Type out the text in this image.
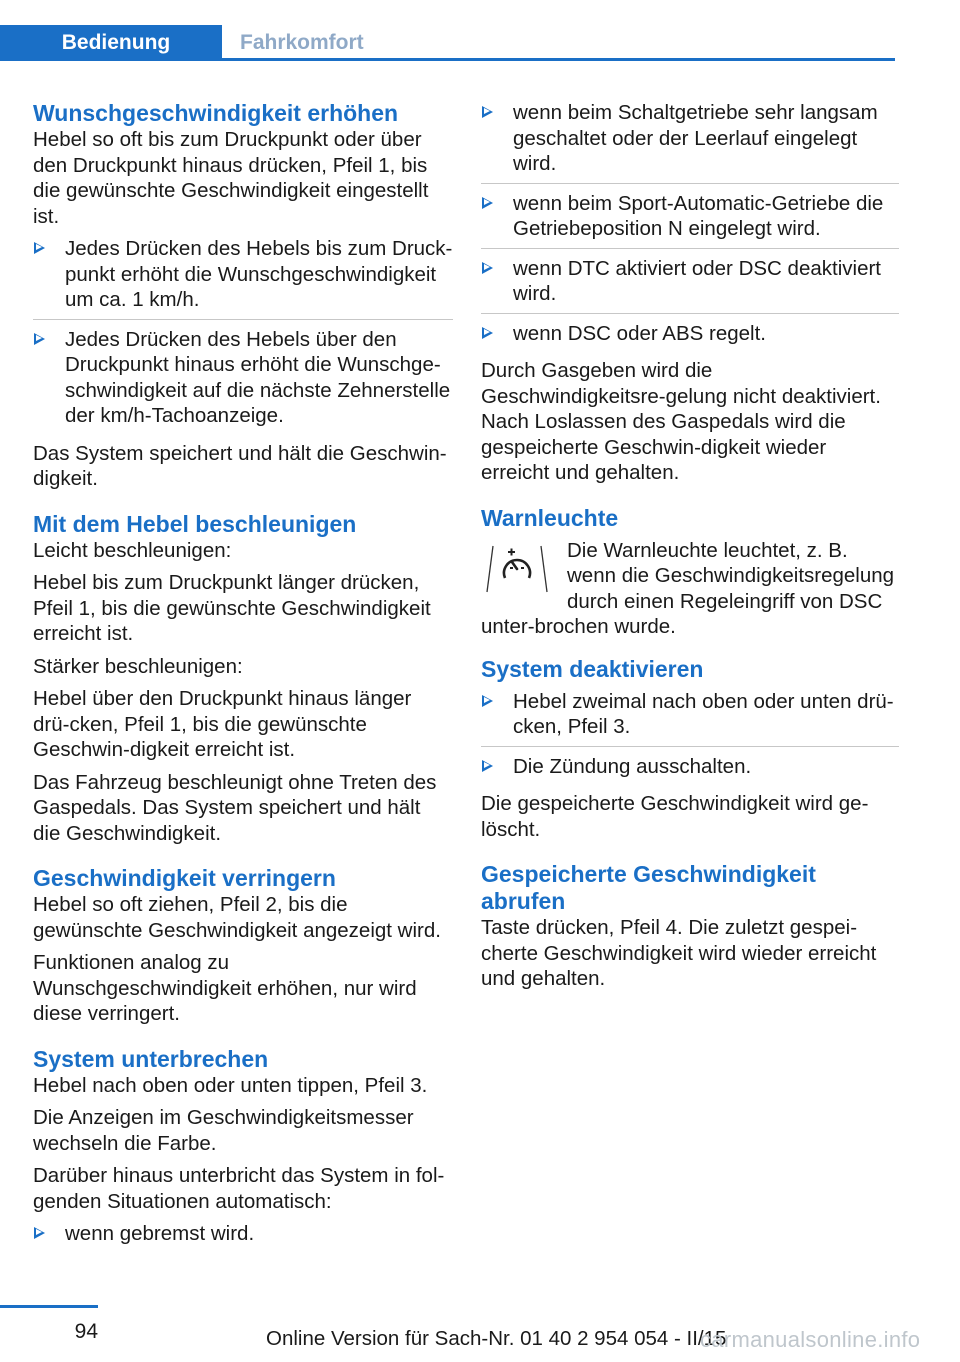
Bedienung	Fahrkomfort
Wunschgeschwindigkeit erhöhen

Hebel so oft bis zum Druckpunkt oder über den Druckpunkt hinaus drücken, Pfeil 1, bis die gewünschte Geschwindigkeit eingestellt ist.

Jedes Drücken des Hebels bis zum Druck-punkt erhöht die Wunschgeschwindigkeit um ca. 1 km/h.
Jedes Drücken des Hebels über den Druckpunkt hinaus erhöht die Wunschge-schwindigkeit auf die nächste Zehnerstelle der km/h-Tachoanzeige.

Das System speichert und hält die Geschwin-digkeit.

Mit dem Hebel beschleunigen

Leicht beschleunigen:

Hebel bis zum Druckpunkt länger drücken, Pfeil 1, bis die gewünschte Geschwindigkeit erreicht ist.

Stärker beschleunigen:

Hebel über den Druckpunkt hinaus länger drü-cken, Pfeil 1, bis die gewünschte Geschwin-digkeit erreicht ist.

Das Fahrzeug beschleunigt ohne Treten des Gaspedals. Das System speichert und hält die Geschwindigkeit.

Geschwindigkeit verringern

Hebel so oft ziehen, Pfeil 2, bis die gewünschte Geschwindigkeit angezeigt wird.

Funktionen analog zu Wunschgeschwindigkeit erhöhen, nur wird diese verringert.

System unterbrechen

Hebel nach oben oder unten tippen, Pfeil 3.

Die Anzeigen im Geschwindigkeitsmesser wechseln die Farbe.

Darüber hinaus unterbricht das System in fol-genden Situationen automatisch:

wenn gebremst wird.
wenn beim Schaltgetriebe sehr langsam geschaltet oder der Leerlauf eingelegt wird.
wenn beim Sport-Automatic-Getriebe die Getriebeposition N eingelegt wird.
wenn DTC aktiviert oder DSC deaktiviert wird.
wenn DSC oder ABS regelt.

Durch Gasgeben wird die Geschwindigkeitsre-gelung nicht deaktiviert. Nach Loslassen des Gaspedals wird die gespeicherte Geschwin-digkeit wieder erreicht und gehalten.

Warnleuchte
Die Warnleuchte leuchtet, z. B. wenn die Geschwindigkeitsregelung durch einen Regeleingriff von DSC unter-brochen wurde.
System deaktivieren
Hebel zweimal nach oben oder unten drü-cken, Pfeil 3.
Die Zündung ausschalten.

Die gespeicherte Geschwindigkeit wird ge-löscht.

Gespeicherte Geschwindigkeit abrufen

Taste drücken, Pfeil 4. Die zuletzt gespei-cherte Geschwindigkeit wird wieder erreicht und gehalten.

94	Online Version für Sach-Nr. 01 40 2 954 054 - II/15
carmanualsonline.info
